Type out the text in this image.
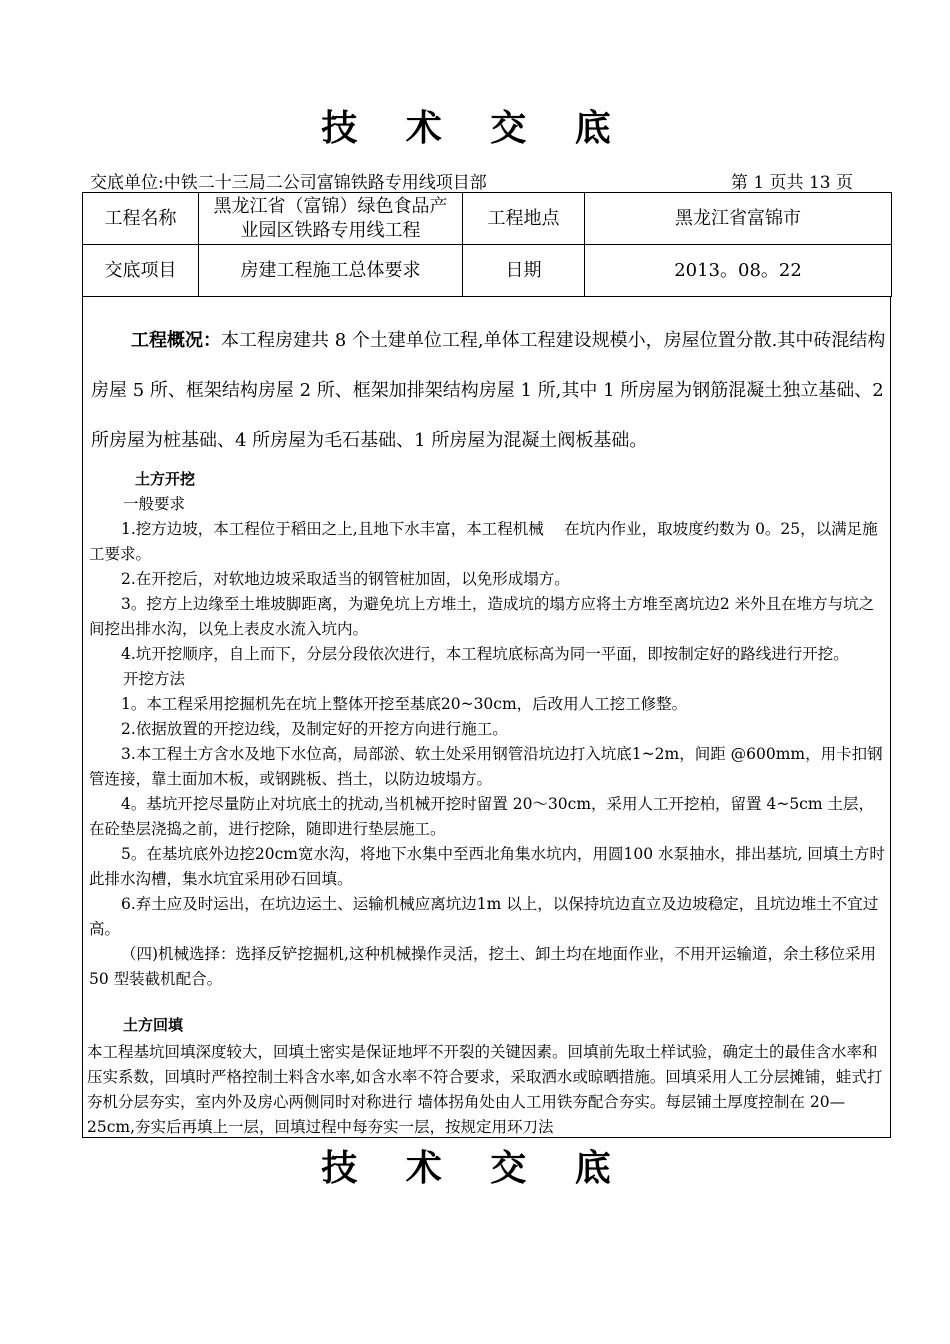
技 术 交 底
交底单位:中铁二十三局二公司富锦铁路专用线项目部	第 1 页共 13 页
工程名称	黑龙江省（富锦）绿色食品产业园区铁路专用线工程	工程地点	黑龙江省富锦市
交底项目	房建工程施工总体要求	日期	2013。08。22
工程概况：本工程房建共 8 个土建单位工程,单体工程建设规模小，房屋位置分散.其中砖混结构房屋 5 所、框架结构房屋 2 所、框架加排架结构房屋 1 所,其中 1 所房屋为钢筋混凝土独立基础、2 所房屋为桩基础、4 所房屋为毛石基础、1 所房屋为混凝土阀板基础。
土方开挖
一般要求
1.挖方边坡，本工程位于稻田之上,且地下水丰富，本工程机械　 在坑内作业，取坡度约数为 0。25，以满足施工要求。
2.在开挖后，对软地边坡采取适当的钢管桩加固，以免形成塌方。
3。挖方上边缘至土堆坡脚距离，为避免坑上方堆土，造成坑的塌方应将土方堆至离坑边2 米外且在堆方与坑之间挖出排水沟，以免上表皮水流入坑内。
4.坑开挖顺序，自上而下，分层分段依次进行，本工程坑底标高为同一平面，即按制定好的路线进行开挖。
开挖方法
1。本工程采用挖掘机先在坑上整体开挖至基底20~30cm，后改用人工挖工修整。
2.依据放置的开挖边线，及制定好的开挖方向进行施工。
3.本工程土方含水及地下水位高，局部淤、软土处采用钢管沿坑边打入坑底1~2m，间距 @600mm，用卡扣钢管连接，靠土面加木板，或钢跳板、挡土，以防边坡塌方。
4。基坑开挖尽量防止对坑底土的扰动,当机械开挖时留置 20～30cm，采用人工开挖柏，留置 4~5cm 土层，在砼垫层浇捣之前，进行挖除，随即进行垫层施工。
5。在基坑底外边挖20cm宽水沟，将地下水集中至西北角集水坑内，用圆100 水泵抽水，排出基坑, 回填土方时此排水沟槽，集水坑宜采用砂石回填。
6.弃土应及时运出，在坑边运土、运输机械应离坑边1m 以上，以保持坑边直立及边坡稳定，且坑边堆土不宜过高。
（四)机械选择：选择反铲挖掘机,这种机械操作灵活，挖土、卸土均在地面作业，不用开运输道，余土移位采用 50 型装截机配合。
土方回填
本工程基坑回填深度较大，回填土密实是保证地坪不开裂的关键因素。回填前先取土样试验，确定土的最佳含水率和压实系数，回填时严格控制土料含水率,如含水率不符合要求，采取洒水或晾晒措施。回填采用人工分层摊铺，蛙式打夯机分层夯实，室内外及房心两侧同时对称进行 墙体拐角处由人工用铁夯配合夯实。每层铺土厚度控制在 20—25cm,夯实后再填上一层，回填过程中每夯实一层，按规定用环刀法
技 术 交 底
